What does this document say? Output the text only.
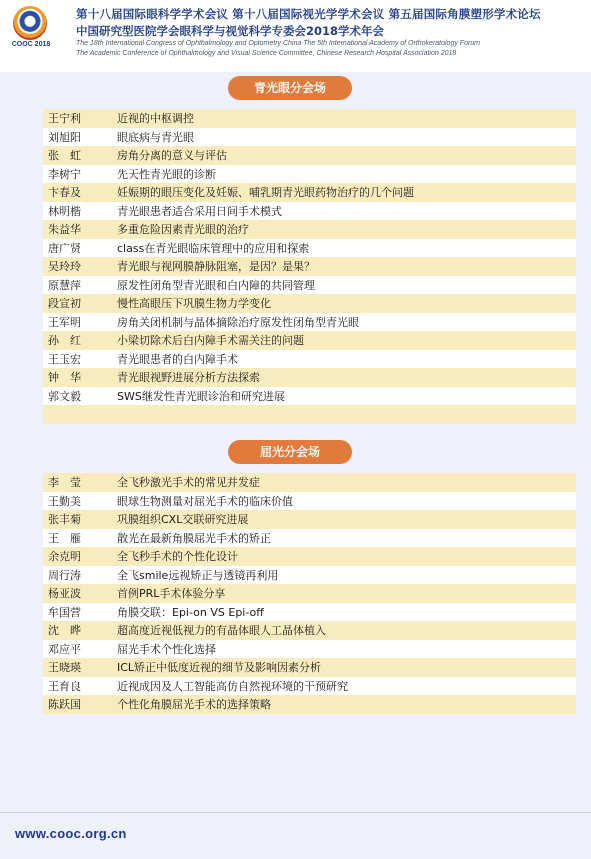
COOC 2018
第十八届国际眼科学学术会议 第十八届国际视光学学术会议 第五届国际角膜塑形学术论坛
中国研究型医院学会眼科学与视觉科学专委会2018学术年会
The 18th International Congress of Ophthalmology and Optometry China The 5th International Academy of Orthokeratology Forum
The Academic Conference of Ophthalmology and Visual Science Committee, Chinese Research Hospital Association 2018
青光眼分会场
王宁利	近视的中枢调控
刘旭阳	眼底病与青光眼
张　虹	房角分离的意义与评估
李树宁	先天性青光眼的诊断
卞春及	妊娠期的眼压变化及妊娠、哺乳期青光眼药物治疗的几个问题
林明楷	青光眼患者适合采用日间手术模式
朱益华	多重危险因素青光眼的治疗
唐广贤	class在青光眼临床管理中的应用和探索
吴玲玲	青光眼与视网膜静脉阻塞，是因？是果？
原慧萍	原发性闭角型青光眼和白内障的共同管理
段宣初	慢性高眼压下巩膜生物力学变化
王军明	房角关闭机制与晶体摘除治疗原发性闭角型青光眼
孙　红	小梁切除术后白内障手术需关注的问题
王玉宏	青光眼患者的白内障手术
钟　华	青光眼视野进展分析方法探索
郭文毅	SWS继发性青光眼诊治和研究进展
屈光分会场
李　莹	全飞秒激光手术的常见并发症
王勤美	眼球生物测量对屈光手术的临床价值
张丰菊	巩膜组织CXL交联研究进展
王　雁	散光在最新角膜屈光手术的矫正
余克明	全飞秒手术的个性化设计
周行涛	全飞smile远视矫正与透镜再利用
杨亚波	首例PRL手术体验分享
牟国营	角膜交联：Epi-on VS Epi-off
沈　晔	超高度近视低视力的有晶体眼人工晶体植入
邓应平	屈光手术个性化选择
王晓瑛	ICL矫正中低度近视的细节及影响因素分析
王育良	近视成因及人工智能高仿自然视环境的干预研究
陈跃国	个性化角膜屈光手术的选择策略
www.cooc.org.cn
